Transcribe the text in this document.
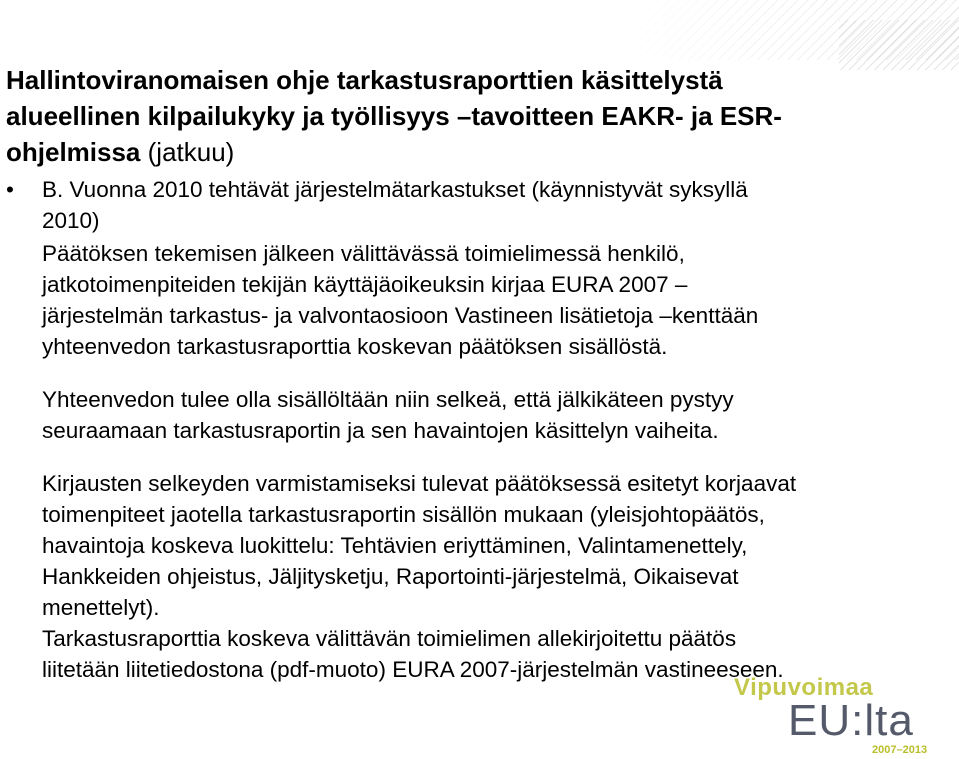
Hallintoviranomaisen ohje tarkastusraporttien käsittelystä
alueellinen kilpailukyky ja työllisyys –tavoitteen EAKR- ja ESR-
ohjelmissa (jatkuu)
•	B. Vuonna 2010 tehtävät järjestelmätarkastukset (käynnistyvät syksyllä
2010)

Päätöksen tekemisen jälkeen välittävässä toimielimessä henkilö,
jatkotoimenpiteiden tekijän käyttäjäoikeuksin kirjaa EURA 2007 –
järjestelmän tarkastus- ja valvontaosioon Vastineen lisätietoja –kenttään
yhteenvedon tarkastusraporttia koskevan päätöksen sisällöstä.

Yhteenvedon tulee olla sisällöltään niin selkeä, että jälkikäteen pystyy
seuraamaan tarkastusraportin ja sen havaintojen käsittelyn vaiheita.

Kirjausten selkeyden varmistamiseksi tulevat päätöksessä esitetyt korjaavat
toimenpiteet jaotella tarkastusraportin sisällön mukaan (yleisjohtopäätös,
havaintoja koskeva luokittelu: Tehtävien eriyttäminen, Valintamenettely,
Hankkeiden ohjeistus, Jäljitysketju, Raportointi-järjestelmä, Oikaisevat
menettelyt).

Tarkastusraporttia koskeva välittävän toimielimen allekirjoitettu päätös
liitetään liitetiedostona (pdf-muoto) EURA 2007-järjestelmän vastineeseen.

Vipuvoimaa
EU:lta
2007–2013
